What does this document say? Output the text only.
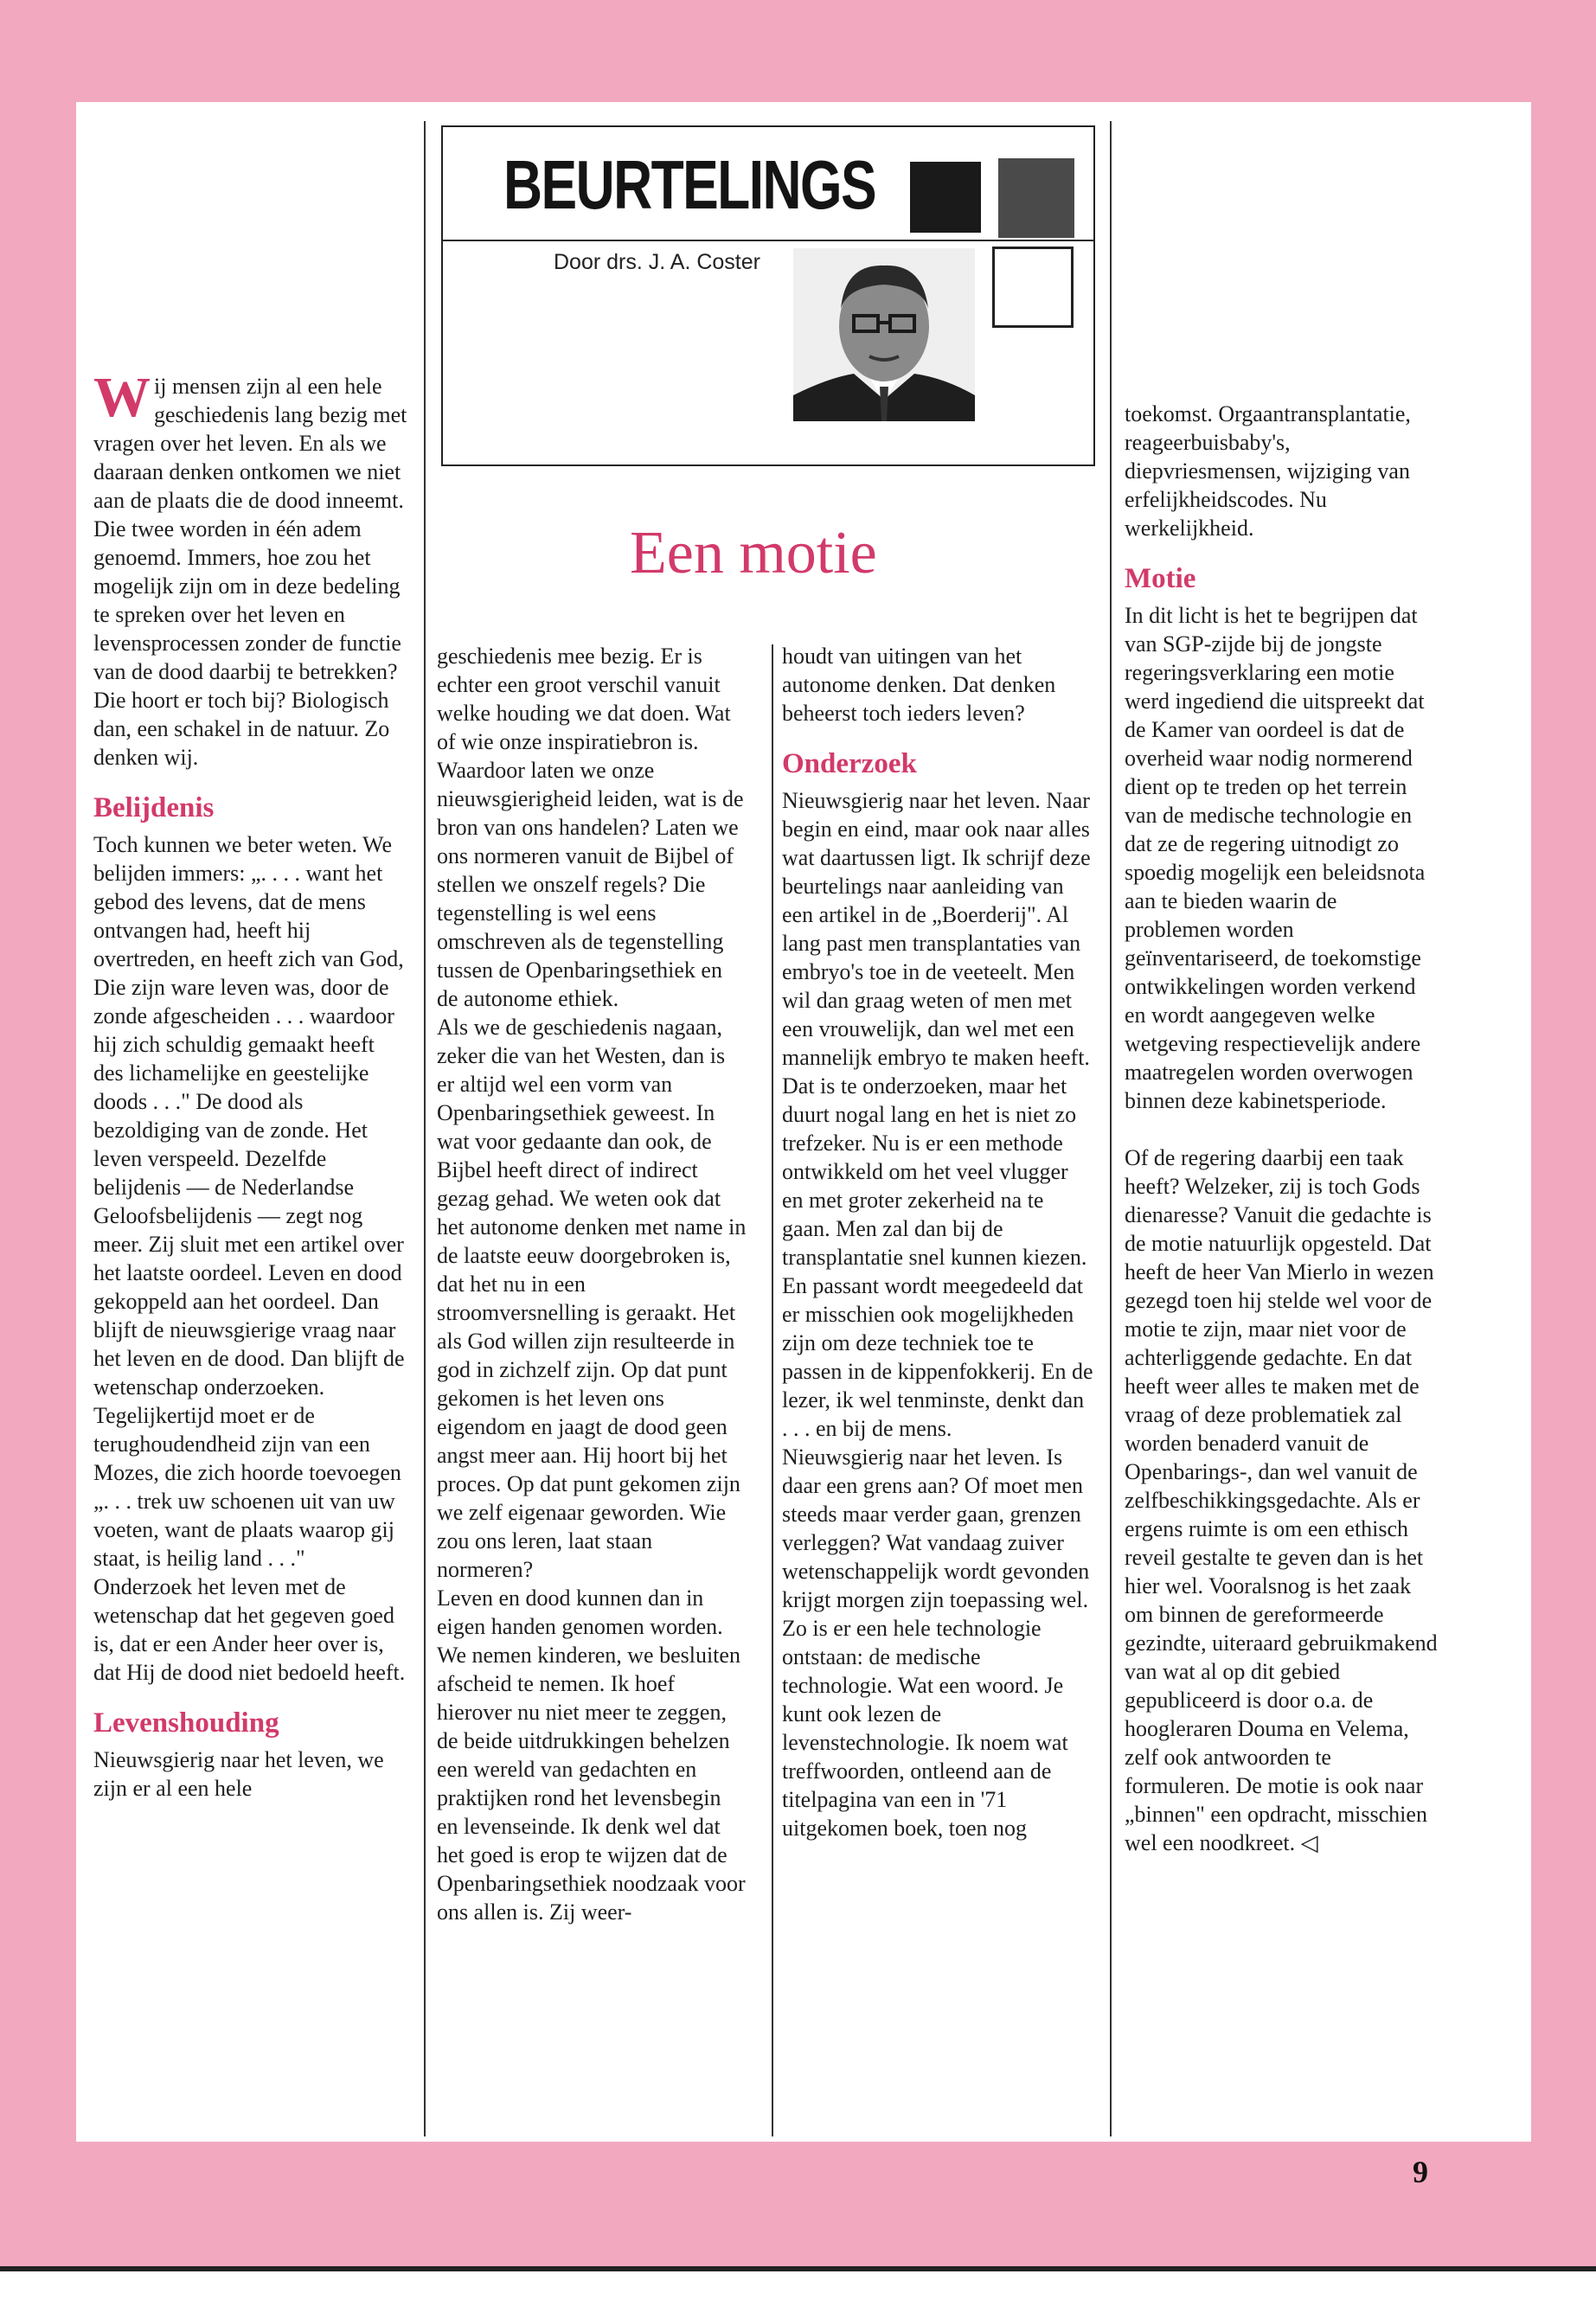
BEURTELINGS
Door drs. J. A. Coster
Een motie

Wij mensen zijn al een hele geschiedenis lang bezig met vragen over het leven. En als we daaraan denken ontkomen we niet aan de plaats die de dood inneemt. Die twee worden in één adem genoemd. Immers, hoe zou het mogelijk zijn om in deze bedeling te spreken over het leven en levensprocessen zonder de functie van de dood daarbij te betrekken? Die hoort er toch bij? Biologisch dan, een schakel in de natuur. Zo denken wij.

Belijdenis

Toch kunnen we beter weten. We belijden immers: „. . . . want het gebod des levens, dat de mens ontvangen had, heeft hij overtreden, en heeft zich van God, Die zijn ware leven was, door de zonde afgescheiden . . . waardoor hij zich schuldig gemaakt heeft des lichamelijke en geestelijke doods . . ." De dood als bezoldiging van de zonde. Het leven verspeeld. Dezelfde belijdenis — de Nederlandse Geloofsbelijdenis — zegt nog meer. Zij sluit met een artikel over het laatste oordeel. Leven en dood gekoppeld aan het oordeel. Dan blijft de nieuwsgierige vraag naar het leven en de dood. Dan blijft de wetenschap onderzoeken. Tegelijkertijd moet er de terughoudendheid zijn van een Mozes, die zich hoorde toevoegen „. . . trek uw schoenen uit van uw voeten, want de plaats waarop gij staat, is heilig land . . ." Onderzoek het leven met de wetenschap dat het gegeven goed is, dat er een Ander heer over is, dat Hij de dood niet bedoeld heeft.

Levenshouding

Nieuwsgierig naar het leven, we zijn er al een hele

geschiedenis mee bezig. Er is echter een groot verschil vanuit welke houding we dat doen. Wat of wie onze inspiratiebron is. Waardoor laten we onze nieuwsgierigheid leiden, wat is de bron van ons handelen? Laten we ons normeren vanuit de Bijbel of stellen we onszelf regels? Die tegenstelling is wel eens omschreven als de tegenstelling tussen de Openbaringsethiek en de autonome ethiek.

Als we de geschiedenis nagaan, zeker die van het Westen, dan is er altijd wel een vorm van Openbaringsethiek geweest. In wat voor gedaante dan ook, de Bijbel heeft direct of indirect gezag gehad. We weten ook dat het autonome denken met name in de laatste eeuw doorgebroken is, dat het nu in een stroomversnelling is geraakt. Het als God willen zijn resulteerde in god in zichzelf zijn. Op dat punt gekomen is het leven ons eigendom en jaagt de dood geen angst meer aan. Hij hoort bij het proces. Op dat punt gekomen zijn we zelf eigenaar geworden. Wie zou ons leren, laat staan normeren?

Leven en dood kunnen dan in eigen handen genomen worden. We nemen kinderen, we besluiten afscheid te nemen. Ik hoef hierover nu niet meer te zeggen, de beide uitdrukkingen behelzen een wereld van gedachten en praktijken rond het levensbegin en levenseinde. Ik denk wel dat het goed is erop te wijzen dat de Openbaringsethiek noodzaak voor ons allen is. Zij weer-

houdt van uitingen van het autonome denken. Dat denken beheerst toch ieders leven?

Onderzoek

Nieuwsgierig naar het leven. Naar begin en eind, maar ook naar alles wat daartussen ligt. Ik schrijf deze beurtelings naar aanleiding van een artikel in de „Boerderij". Al lang past men transplantaties van embryo's toe in de veeteelt. Men wil dan graag weten of men met een vrouwelijk, dan wel met een mannelijk embryo te maken heeft. Dat is te onderzoeken, maar het duurt nogal lang en het is niet zo trefzeker. Nu is er een methode ontwikkeld om het veel vlugger en met groter zekerheid na te gaan. Men zal dan bij de transplantatie snel kunnen kiezen. En passant wordt meegedeeld dat er misschien ook mogelijkheden zijn om deze techniek toe te passen in de kippenfokkerij. En de lezer, ik wel tenminste, denkt dan . . . en bij de mens.

Nieuwsgierig naar het leven. Is daar een grens aan? Of moet men steeds maar verder gaan, grenzen verleggen? Wat vandaag zuiver wetenschappelijk wordt gevonden krijgt morgen zijn toepassing wel. Zo is er een hele technologie ontstaan: de medische technologie. Wat een woord. Je kunt ook lezen de levenstechnologie. Ik noem wat treffwoorden, ontleend aan de titelpagina van een in '71 uitgekomen boek, toen nog

toekomst. Orgaantransplantatie, reageerbuisbaby's, diepvriesmensen, wijziging van erfelijkheidscodes. Nu werkelijkheid.

Motie

In dit licht is het te begrijpen dat van SGP-zijde bij de jongste regeringsverklaring een motie werd ingediend die uitspreekt dat de Kamer van oordeel is dat de overheid waar nodig normerend dient op te treden op het terrein van de medische technologie en dat ze de regering uitnodigt zo spoedig mogelijk een beleidsnota aan te bieden waarin de problemen worden geïnventariseerd, de toekomstige ontwikkelingen worden verkend en wordt aangegeven welke wetgeving respectievelijk andere maatregelen worden overwogen binnen deze kabinetsperiode.

Of de regering daarbij een taak heeft? Welzeker, zij is toch Gods dienaresse? Vanuit die gedachte is de motie natuurlijk opgesteld. Dat heeft de heer Van Mierlo in wezen gezegd toen hij stelde wel voor de motie te zijn, maar niet voor de achterliggende gedachte. En dat heeft weer alles te maken met de vraag of deze problematiek zal worden benaderd vanuit de Openbarings-, dan wel vanuit de zelfbeschikkingsgedachte. Als er ergens ruimte is om een ethisch reveil gestalte te geven dan is het hier wel. Vooralsnog is het zaak om binnen de gereformeerde gezindte, uiteraard gebruikmakend van wat al op dit gebied gepubliceerd is door o.a. de hoogleraren Douma en Velema, zelf ook antwoorden te formuleren. De motie is ook naar „binnen" een opdracht, misschien wel een noodkreet. ◁

9
